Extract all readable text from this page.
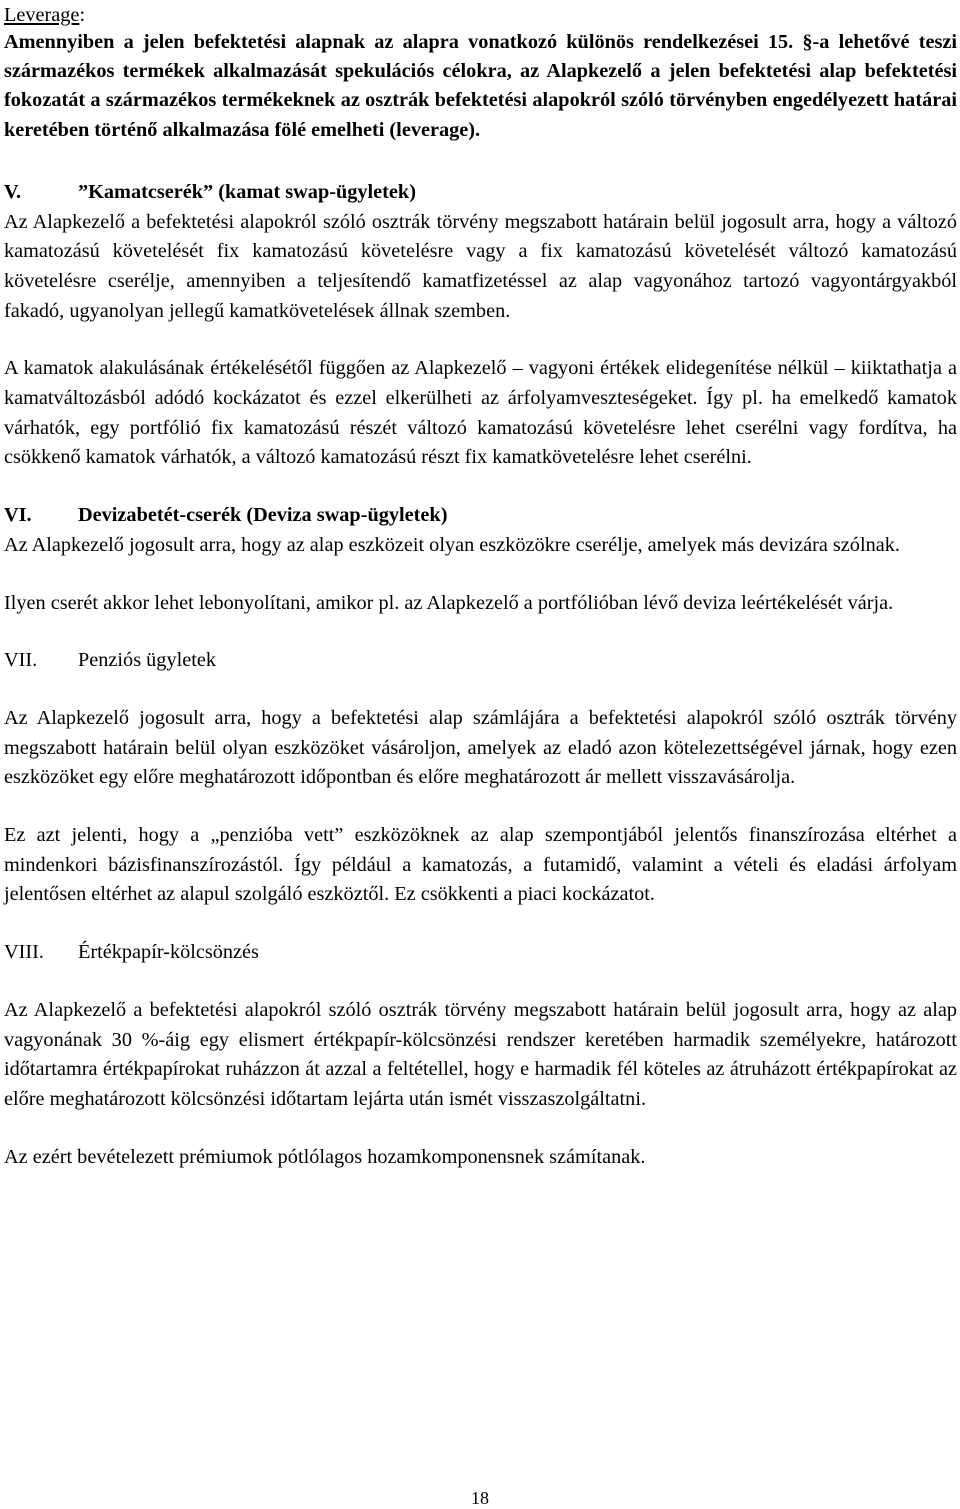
Leverage:

Amennyiben a jelen befektetési alapnak az alapra vonatkozó különös rendelkezései 15. §-a lehetővé teszi származékos termékek alkalmazását spekulációs célokra, az Alapkezelő a jelen befektetési alap befektetési fokozatát a származékos termékeknek az osztrák befektetési alapokról szóló törvényben engedélyezett határai keretében történő alkalmazása fölé emelheti (leverage).

V.	”Kamatcserék” (kamat swap-ügyletek)

Az Alapkezelő a befektetési alapokról szóló osztrák törvény megszabott határain belül jogosult arra, hogy a változó kamatozású követelését fix kamatozású követelésre vagy a fix kamatozású követelését változó kamatozású követelésre cserélje, amennyiben a teljesítendő kamatfizetéssel az alap vagyonához tartozó vagyontárgyakból fakadó, ugyanolyan jellegű kamatkövetelések állnak szemben.

A kamatok alakulásának értékelésétől függően az Alapkezelő – vagyoni értékek elidegenítése nélkül – kiiktathatja a kamatváltozásból adódó kockázatot és ezzel elkerülheti az árfolyamveszteségeket. Így pl. ha emelkedő kamatok várhatók, egy portfólió fix kamatozású részét változó kamatozású követelésre lehet cserélni vagy fordítva, ha csökkenő kamatok várhatók, a változó kamatozású részt fix kamatkövetelésre lehet cserélni.

VI. Devizabetét-cserék (Deviza swap-ügyletek)

Az Alapkezelő jogosult arra, hogy az alap eszközeit olyan eszközökre cserélje, amelyek más devizára szólnak.

Ilyen cserét akkor lehet lebonyolítani, amikor pl. az Alapkezelő a portfólióban lévő deviza leértékelését várja.

VII. Penziós ügyletek

Az Alapkezelő jogosult arra, hogy a befektetési alap számlájára a befektetési alapokról szóló osztrák törvény megszabott határain belül olyan eszközöket vásároljon, amelyek az eladó azon kötelezettségével járnak, hogy ezen eszközöket egy előre meghatározott időpontban és előre meghatározott ár mellett visszavásárolja.

Ez azt jelenti, hogy a „penzióba vett” eszközöknek az alap szempontjából jelentős finanszírozása eltérhet a mindenkori bázisfinanszírozástól. Így például a kamatozás, a futamidő, valamint a vételi és eladási árfolyam jelentősen eltérhet az alapul szolgáló eszköztől. Ez csökkenti a piaci kockázatot.

VIII. Értékpapír-kölcsönzés

Az Alapkezelő a befektetési alapokról szóló osztrák törvény megszabott határain belül jogosult arra, hogy az alap vagyonának 30 %-áig egy elismert értékpapír-kölcsönzési rendszer keretében harmadik személyekre, határozott időtartamra értékpapírokat ruházzon át azzal a feltétellel, hogy e harmadik fél köteles az átruházott értékpapírokat az előre meghatározott kölcsönzési időtartam lejárta után ismét visszaszolgáltatni.

Az ezért bevételezett prémiumok pótlólagos hozamkomponensnek számítanak.

18
